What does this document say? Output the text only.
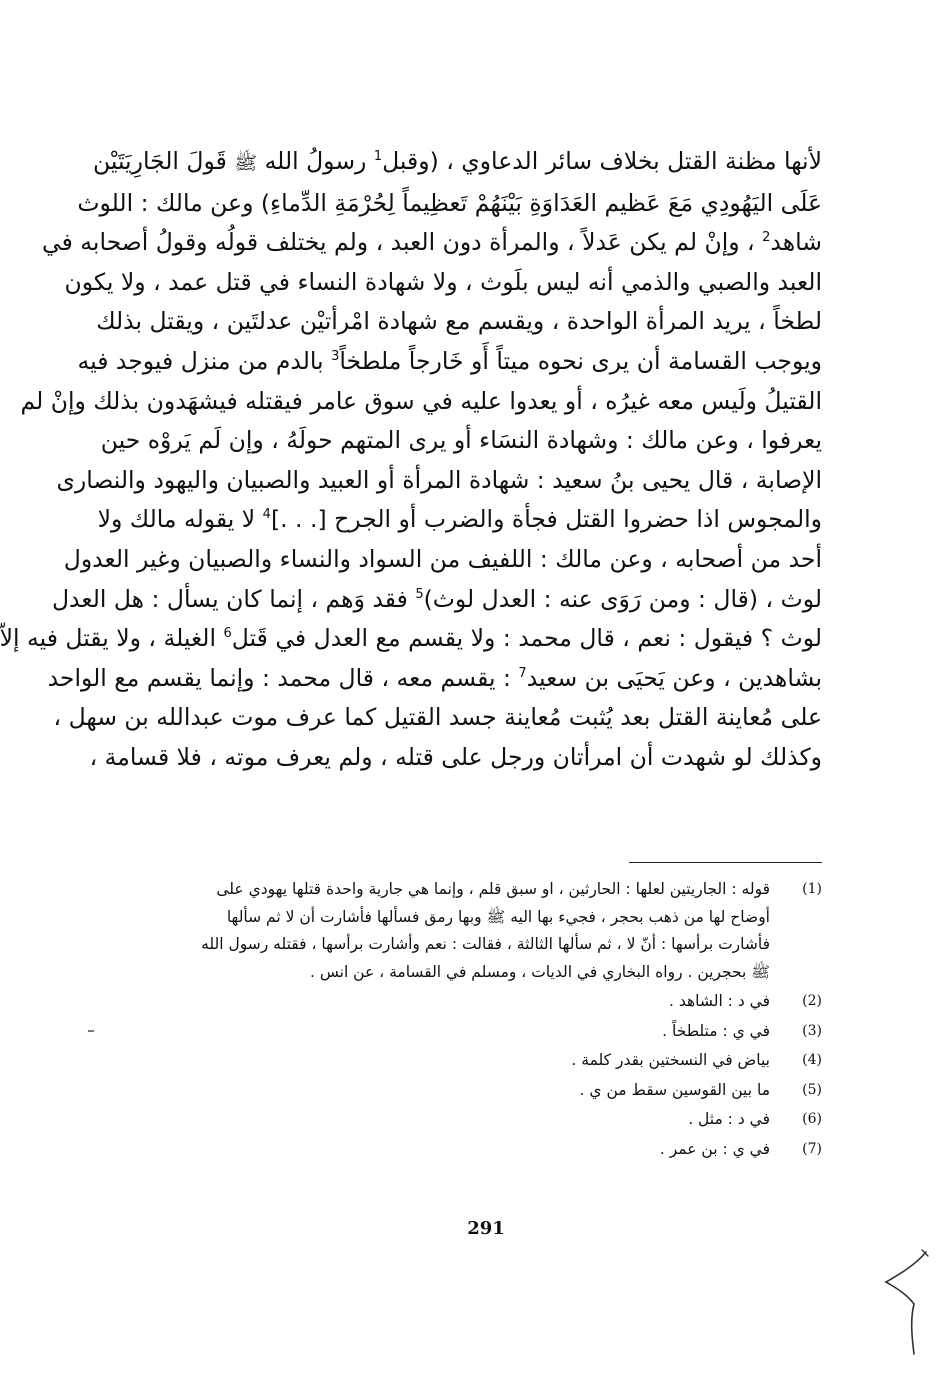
لأنها مظنة القتل بخلاف سائر الدعاوي ، (وقبل$^1$ رسولُ الله ﷺ قَولَ الجَارِيَتَيْن
عَلَى اليَهُودِي مَعَ عَظيم العَدَاوَةِ بَيْنَهُمْ تَعظِيماً لِحُرْمَةِ الدِّماءِ) وعن مالك : اللوث
شاهد$^2$ ، وإنْ لم يكن عَدلاً ، والمرأة دون العبد ، ولم يختلف قولُه وقولُ أصحابه في
العبد والصبي والذمي أنه ليس بلَوث ، ولا شهادة النساء في قتل عمد ، ولا يكون
لطخاً ، يريد المرأة الواحدة ، ويقسم مع شهادة امْرأتيْن عدلتَين ، ويقتل بذلك
ويوجب القسامة أن يرى نحوه ميتاً أَو خَارجاً ملطخاً$^3$ بالدم من منزل فيوجد فيه
القتيلُ ولَيس معه غيرُه ، أو يعدوا عليه في سوق عامر فيقتله فيشهَدون بذلك وإنْ لم
يعرفوا ، وعن مالك : وشهادة النسَاء أو يرى المتهم حولَهُ ، وإن لَم يَروْه حين
الإصابة ، قال يحيى بنُ سعيد : شهادة المرأة أو العبيد والصبيان واليهود والنصارى
والمجوس اذا حضروا القتل فجأة والضرب أو الجرح [. . .]$^4$ لا يقوله مالك ولا
أحد من أصحابه ، وعن مالك : اللفيف من السواد والنساء والصبيان وغير العدول
لوث ، (قال : ومن رَوَى عنه : العدل لوث)$^5$ فقد وَهم ، إنما كان يسأل : هل العدل
لوث ؟ فيقول : نعم ، قال محمد : ولا يقسم مع العدل في قَتل$^6$ الغيلة ، ولا يقتل فيه إلاّ
بشاهدين ، وعن يَحيَى بن سعيد$^7$ : يقسم معه ، قال محمد : وإنما يقسم مع الواحد
على مُعاينة القتل بعد يُثبت مُعاينة جسد القتيل كما عرف موت عبدالله بن سهل ،
وكذلك لو شهدت أن امرأتان ورجل على قتله ، ولم يعرف موته ، فلا قسامة ،
(1)
قوله : الجاريتين لعلها : الحارثين ، او سبق قلم ، وإنما هي جارية واحدة قتلها يهودي على
أوضاح لها من ذهب بحجر ، فجيء بها اليه ﷺ وبها رمق فسألها فأشارت أن لا ثم سألها
فأشارت برأسها : أنّ لا ، ثم سألها الثالثة ، فقالت : نعم وأشارت برأسها ، فقتله رسول الله
ﷺ بحجرين . رواه البخاري في الديات ، ومسلم في القسامة ، عن انس .
(2)
في د : الشاهد .
(3)
في ي : متلطخاً .
(4)
بياض في النسختين بقدر كلمة .
(5)
ما بين القوسين سقط من ي .
(6)
في د : مثل .
(7)
في ي : بن عمر .
291
